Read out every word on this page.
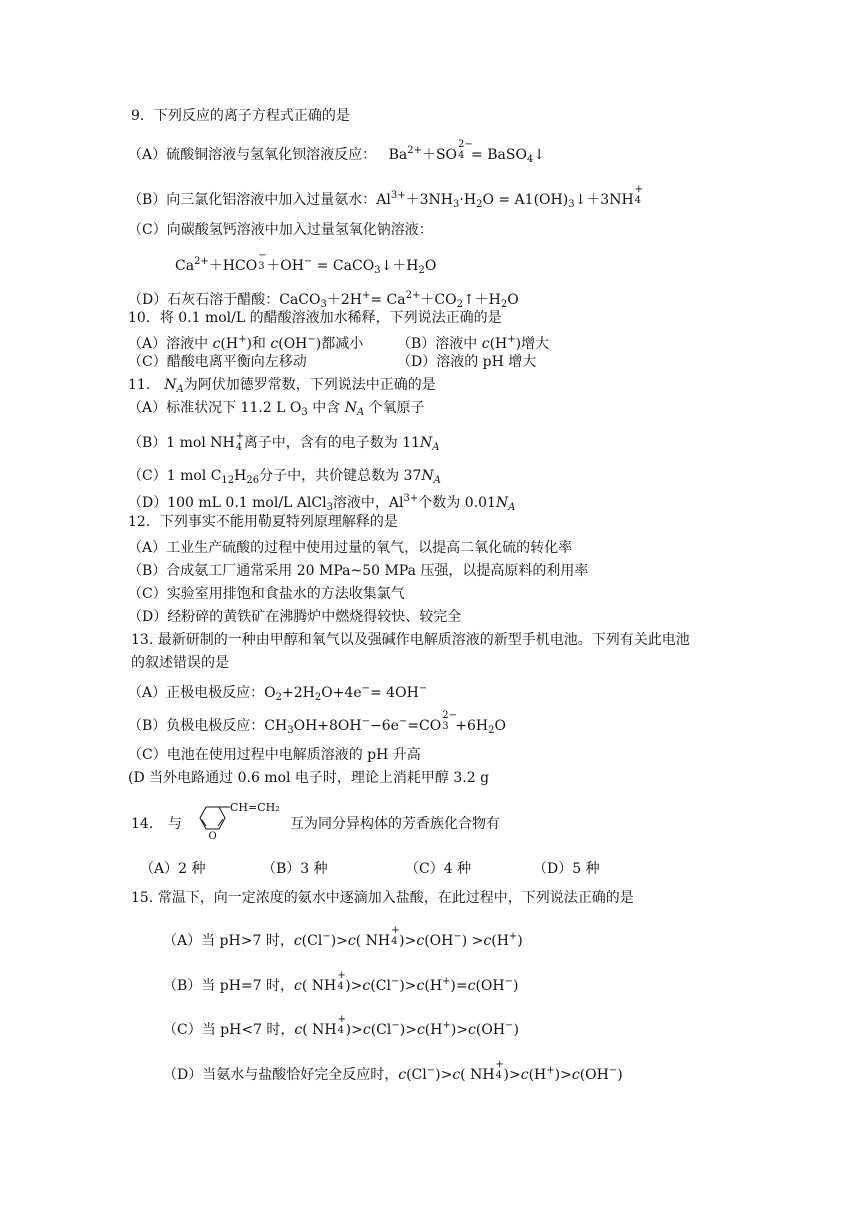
9．下列反应的离子方程式正确的是
（A）硫酸铜溶液与氢氧化钡溶液反应： $Ba^{2+}+SO$
2−
4 = BaSO$_4$↓
（B）向三氯化铝溶液中加入过量氨水：$Al^{3+}+3NH_3\cdot H_2O$ = $A1(OH)_3↓+3NH$
+
4
（C）向碳酸氢钙溶液中加入过量氢氧化钠溶液：
$Ca^{2+}+HCO$
−
$3 +OH^- = CaCO_3↓+H_2O$
（D）石灰石溶于醋酸：CaCO$_3$＋2H+= $Ca^{2+}+CO_2↑+H_2O$
10．将 0.1 mol/L 的醋酸溶液加水稀释，下列说法正确的是
（A）溶液中 c(H+)和 c(OH−)都减小 （B）溶液中 c(H+)增大
（C）醋酸电离平衡向左移动	（D）溶液的 pH 增大
11.　$N_A$为阿伏加德罗常数，下列说法中正确的是
（A）标准状况下 11.2 L $O_3$ 中含 $N_A$ 个氧原子
（B）1 mol NH +
4 离子中，含有的电子数为 $11N_A$
（C）1 mol $C_{12}H_{26}$分子中，共价键总数为 $37N_A$
（D）100 mL 0.1 mol/L AlCl$_3$溶液中，$Al^{3+}$个数为 $0.01N_A$
12．下列事实不能用勒夏特列原理解释的是
（A）工业生产硫酸的过程中使用过量的氧气，以提高二氧化硫的转化率
（B）合成氨工厂通常采用 20 MPa~50 MPa 压强，以提高原料的利用率
（C）实验室用排饱和食盐水的方法收集氯气
（D）经粉碎的黄铁矿在沸腾炉中燃烧得较快、较完全
13. 最新研制的一种由甲醇和氧气以及强碱作电解质溶液的新型手机电池。下列有关此电池
的叙述错误的是
（A）正极电极反应：$O_2+2H_2O+4e^-= 4OH^-$
（B）负极电极反应：$CH_3OH+8OH^--6e^-=CO$
2−
$3 +6H_2O$
（C）电池在使用过程中电解质溶液的 pH 升高
(D 当外电路通过 0.6 mol 电子时，理论上消耗甲醇 3.2 g
14. 与
CH=CH₂
O
互为同分异构体的芳香族化合物有
（A）2 种	（B）3 种	（C）4 种	（D）5 种
15. 常温下，向一定浓度的氨水中逐滴加入盐酸，在此过程中，下列说法正确的是
（A）当 pH>7 时，c(Cl−)>c( NH
+
4 )>c(OH−) >c(H+)
（B）当 pH=7 时，c( NH
+
4 )>c(Cl−)>c(H+)=c(OH−)
（C）当 pH<7 时，c( NH
+
4 )>c(Cl−)>c(H+)>c(OH−)
（D）当氨水与盐酸恰好完全反应时，c(Cl−)>c( NH
+
4 )>c(H+)>c(OH−)
